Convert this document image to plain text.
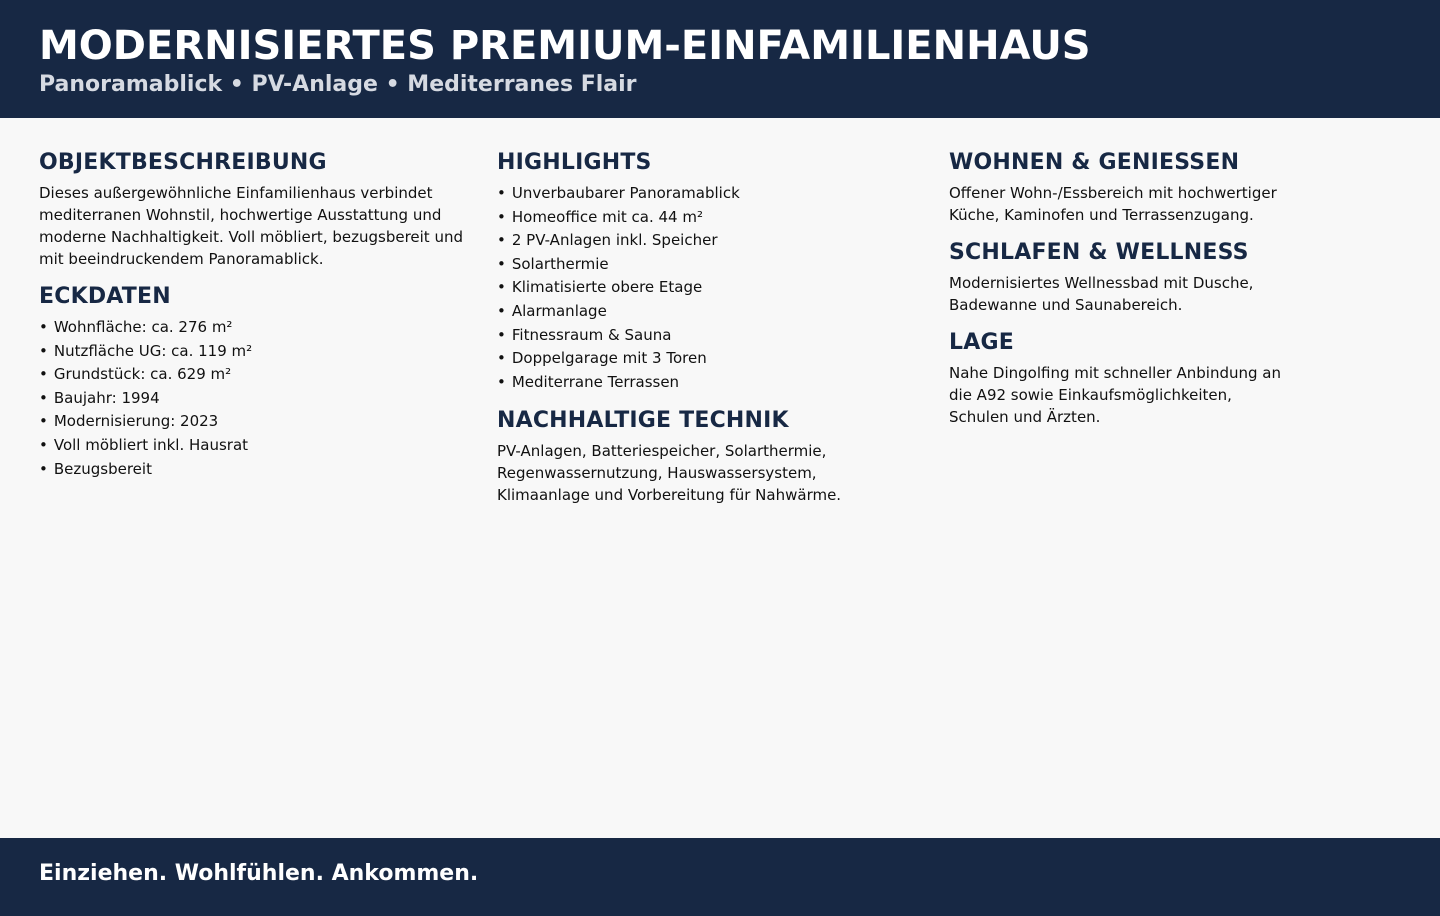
MODERNISIERTES PREMIUM-EINFAMILIENHAUS

Panoramablick • PV-Anlage • Mediterranes Flair

OBJEKTBESCHREIBUNG

Dieses außergewöhnliche Einfamilienhaus verbindet
mediterranen Wohnstil, hochwertige Ausstattung und
moderne Nachhaltigkeit. Voll möbliert, bezugsbereit und
mit beeindruckendem Panoramablick.

ECKDATEN
• Wohnfläche: ca. 276 m²
• Nutzfläche UG: ca. 119 m²
• Grundstück: ca. 629 m²
• Baujahr: 1994
• Modernisierung: 2023
• Voll möbliert inkl. Hausrat
• Bezugsbereit
HIGHLIGHTS
• Unverbaubarer Panoramablick
• Homeoffice mit ca. 44 m²
• 2 PV-Anlagen inkl. Speicher
• Solarthermie
• Klimatisierte obere Etage
• Alarmanlage
• Fitnessraum & Sauna
• Doppelgarage mit 3 Toren
• Mediterrane Terrassen
NACHHALTIGE TECHNIK

PV-Anlagen, Batteriespeicher, Solarthermie,
Regenwassernutzung, Hauswassersystem,
Klimaanlage und Vorbereitung für Nahwärme.

WOHNEN & GENIESSEN

Offener Wohn-/Essbereich mit hochwertiger
Küche, Kaminofen und Terrassenzugang.

SCHLAFEN & WELLNESS

Modernisiertes Wellnessbad mit Dusche,
Badewanne und Saunabereich.

LAGE

Nahe Dingolfing mit schneller Anbindung an
die A92 sowie Einkaufsmöglichkeiten,
Schulen und Ärzten.

Einziehen. Wohlfühlen. Ankommen.
